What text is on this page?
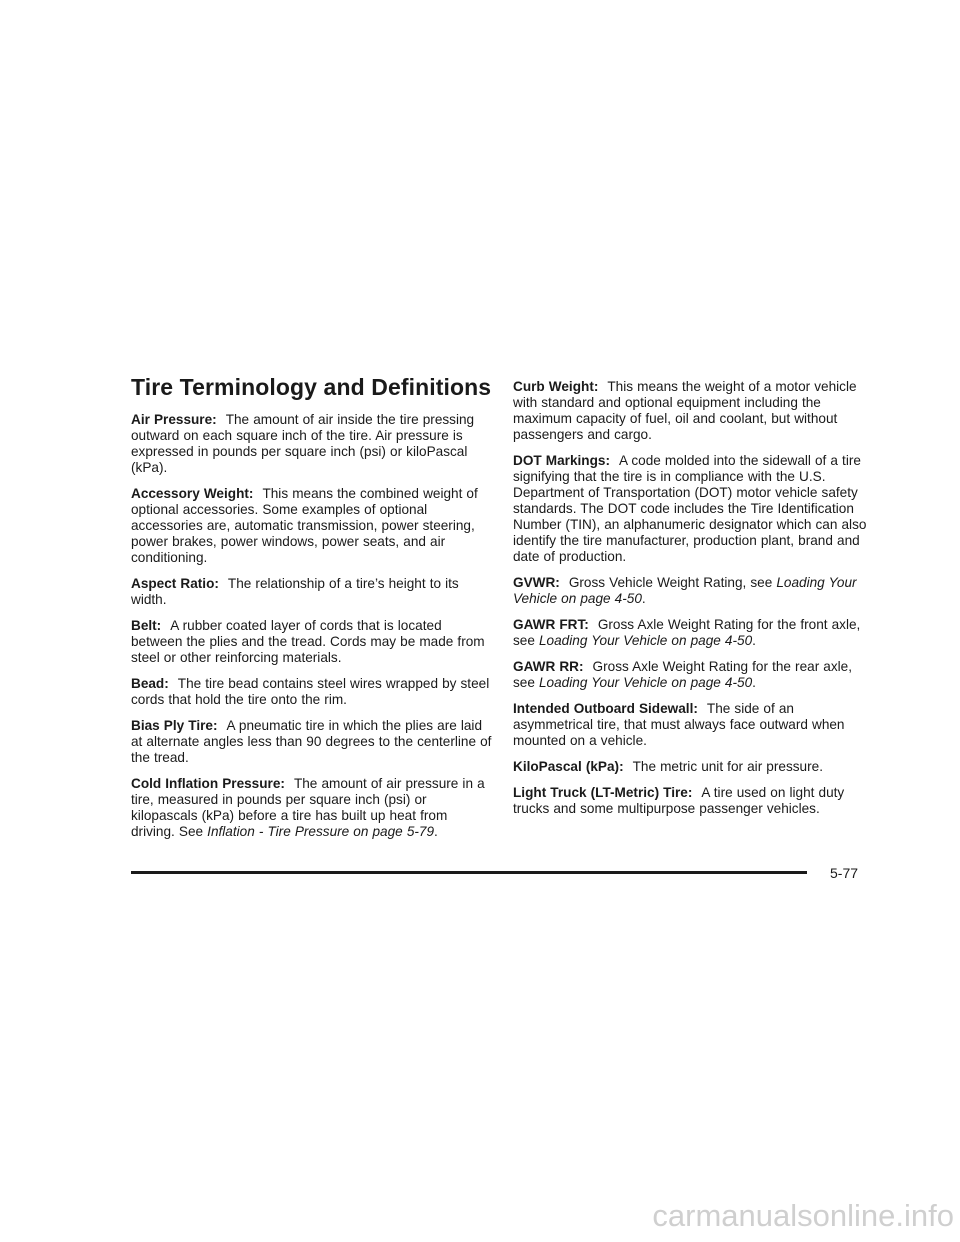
Tire Terminology and Definitions

Air Pressure: The amount of air inside the tire pressing outward on each square inch of the tire. Air pressure is expressed in pounds per square inch (psi) or kiloPascal (kPa).

Accessory Weight: This means the combined weight of optional accessories. Some examples of optional accessories are, automatic transmission, power steering, power brakes, power windows, power seats, and air conditioning.

Aspect Ratio: The relationship of a tire’s height to its width.

Belt: A rubber coated layer of cords that is located between the plies and the tread. Cords may be made from steel or other reinforcing materials.

Bead: The tire bead contains steel wires wrapped by steel cords that hold the tire onto the rim.

Bias Ply Tire: A pneumatic tire in which the plies are laid at alternate angles less than 90 degrees to the centerline of the tread.

Cold Inflation Pressure: The amount of air pressure in a tire, measured in pounds per square inch (psi) or kilopascals (kPa) before a tire has built up heat from driving. See Inflation - Tire Pressure on page 5-79.

Curb Weight: This means the weight of a motor vehicle with standard and optional equipment including the maximum capacity of fuel, oil and coolant, but without passengers and cargo.

DOT Markings: A code molded into the sidewall of a tire signifying that the tire is in compliance with the U.S. Department of Transportation (DOT) motor vehicle safety standards. The DOT code includes the Tire Identification Number (TIN), an alphanumeric designator which can also identify the tire manufacturer, production plant, brand and date of production.

GVWR: Gross Vehicle Weight Rating, see Loading Your Vehicle on page 4-50.

GAWR FRT: Gross Axle Weight Rating for the front axle, see Loading Your Vehicle on page 4-50.

GAWR RR: Gross Axle Weight Rating for the rear axle, see Loading Your Vehicle on page 4-50.

Intended Outboard Sidewall: The side of an asymmetrical tire, that must always face outward when mounted on a vehicle.

KiloPascal (kPa): The metric unit for air pressure.

Light Truck (LT-Metric) Tire: A tire used on light duty trucks and some multipurpose passenger vehicles.

5-77
carmanualsonline.info
